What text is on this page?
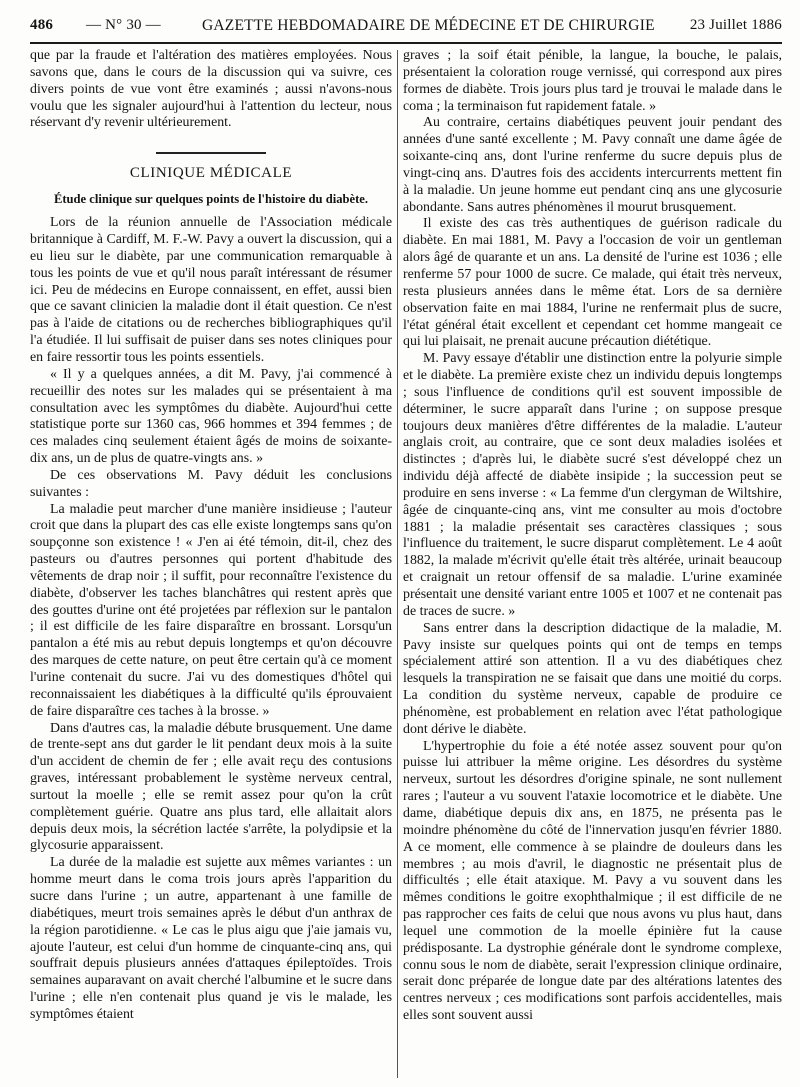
486 — N° 30 —	GAZETTE HEBDOMADAIRE DE MÉDECINE ET DE CHIRURGIE 23 Juillet 1886

que par la fraude et l'altération des matières employées. Nous savons que, dans le cours de la discussion qui va suivre, ces divers points de vue vont être examinés ; aussi n'avons-nous voulu que les signaler aujourd'hui à l'attention du lecteur, nous réservant d'y revenir ultérieurement.

CLINIQUE MÉDICALE
Étude clinique sur quelques points de l'histoire du diabète.

Lors de la réunion annuelle de l'Association médicale britannique à Cardiff, M. F.-W. Pavy a ouvert la discussion, qui a eu lieu sur le diabète, par une communication remarquable à tous les points de vue et qu'il nous paraît intéressant de résumer ici. Peu de médecins en Europe connaissent, en effet, aussi bien que ce savant clinicien la maladie dont il était question. Ce n'est pas à l'aide de citations ou de recherches bibliographiques qu'il l'a étudiée. Il lui suffisait de puiser dans ses notes cliniques pour en faire ressortir tous les points essentiels.

« Il y a quelques années, a dit M. Pavy, j'ai commencé à recueillir des notes sur les malades qui se présentaient à ma consultation avec les symptômes du diabète. Aujourd'hui cette statistique porte sur 1360 cas, 966 hommes et 394 femmes ; de ces malades cinq seulement étaient âgés de moins de soixante-dix ans, un de plus de quatre-vingts ans. »

De ces observations M. Pavy déduit les conclusions suivantes :

La maladie peut marcher d'une manière insidieuse ; l'auteur croit que dans la plupart des cas elle existe longtemps sans qu'on soupçonne son existence ! « J'en ai été témoin, dit-il, chez des pasteurs ou d'autres personnes qui portent d'habitude des vêtements de drap noir ; il suffit, pour reconnaître l'existence du diabète, d'observer les taches blanchâtres qui restent après que des gouttes d'urine ont été projetées par réflexion sur le pantalon ; il est difficile de les faire disparaître en brossant. Lorsqu'un pantalon a été mis au rebut depuis longtemps et qu'on découvre des marques de cette nature, on peut être certain qu'à ce moment l'urine contenait du sucre. J'ai vu des domestiques d'hôtel qui reconnaissaient les diabétiques à la difficulté qu'ils éprouvaient de faire disparaître ces taches à la brosse. »

Dans d'autres cas, la maladie débute brusquement. Une dame de trente-sept ans dut garder le lit pendant deux mois à la suite d'un accident de chemin de fer ; elle avait reçu des contusions graves, intéressant probablement le système nerveux central, surtout la moelle ; elle se remit assez pour qu'on la crût complètement guérie. Quatre ans plus tard, elle allaitait alors depuis deux mois, la sécrétion lactée s'arrête, la polydipsie et la glycosurie apparaissent.

La durée de la maladie est sujette aux mêmes variantes : un homme meurt dans le coma trois jours après l'apparition du sucre dans l'urine ; un autre, appartenant à une famille de diabétiques, meurt trois semaines après le début d'un anthrax de la région parotidienne. « Le cas le plus aigu que j'aie jamais vu, ajoute l'auteur, est celui d'un homme de cinquante-cinq ans, qui souffrait depuis plusieurs années d'attaques épileptoïdes. Trois semaines auparavant on avait cherché l'albumine et le sucre dans l'urine ; elle n'en contenait plus quand je vis le malade, les symptômes étaient

graves ; la soif était pénible, la langue, la bouche, le palais, présentaient la coloration rouge vernissé, qui correspond aux pires formes de diabète. Trois jours plus tard je trouvai le malade dans le coma ; la terminaison fut rapidement fatale. »

Au contraire, certains diabétiques peuvent jouir pendant des années d'une santé excellente ; M. Pavy connaît une dame âgée de soixante-cinq ans, dont l'urine renferme du sucre depuis plus de vingt-cinq ans. D'autres fois des accidents intercurrents mettent fin à la maladie. Un jeune homme eut pendant cinq ans une glycosurie abondante. Sans autres phénomènes il mourut brusquement.

Il existe des cas très authentiques de guérison radicale du diabète. En mai 1881, M. Pavy a l'occasion de voir un gentleman alors âgé de quarante et un ans. La densité de l'urine est 1036 ; elle renferme 57 pour 1000 de sucre. Ce malade, qui était très nerveux, resta plusieurs années dans le même état. Lors de sa dernière observation faite en mai 1884, l'urine ne renfermait plus de sucre, l'état général était excellent et cependant cet homme mangeait ce qui lui plaisait, ne prenait aucune précaution diététique.

M. Pavy essaye d'établir une distinction entre la polyurie simple et le diabète. La première existe chez un individu depuis longtemps ; sous l'influence de conditions qu'il est souvent impossible de déterminer, le sucre apparaît dans l'urine ; on suppose presque toujours deux manières d'être différentes de la maladie. L'auteur anglais croit, au contraire, que ce sont deux maladies isolées et distinctes ; d'après lui, le diabète sucré s'est développé chez un individu déjà affecté de diabète insipide ; la succession peut se produire en sens inverse : « La femme d'un clergyman de Wiltshire, âgée de cinquante-cinq ans, vint me consulter au mois d'octobre 1881 ; la maladie présentait ses caractères classiques ; sous l'influence du traitement, le sucre disparut complètement. Le 4 août 1882, la malade m'écrivit qu'elle était très altérée, urinait beaucoup et craignait un retour offensif de sa maladie. L'urine examinée présentait une densité variant entre 1005 et 1007 et ne contenait pas de traces de sucre. »

Sans entrer dans la description didactique de la maladie, M. Pavy insiste sur quelques points qui ont de temps en temps spécialement attiré son attention. Il a vu des diabétiques chez lesquels la transpiration ne se faisait que dans une moitié du corps. La condition du système nerveux, capable de produire ce phénomène, est probablement en relation avec l'état pathologique dont dérive le diabète.

L'hypertrophie du foie a été notée assez souvent pour qu'on puisse lui attribuer la même origine. Les désordres du système nerveux, surtout les désordres d'origine spinale, ne sont nullement rares ; l'auteur a vu souvent l'ataxie locomotrice et le diabète. Une dame, diabétique depuis dix ans, en 1875, ne présenta pas le moindre phénomène du côté de l'innervation jusqu'en février 1880. A ce moment, elle commence à se plaindre de douleurs dans les membres ; au mois d'avril, le diagnostic ne présentait plus de difficultés ; elle était ataxique. M. Pavy a vu souvent dans les mêmes conditions le goitre exophthalmique ; il est difficile de ne pas rapprocher ces faits de celui que nous avons vu plus haut, dans lequel une commotion de la moelle épinière fut la cause prédisposante. La dystrophie générale dont le syndrome complexe, connu sous le nom de diabète, serait l'expression clinique ordinaire, serait donc préparée de longue date par des altérations latentes des centres nerveux ; ces modifications sont parfois accidentelles, mais elles sont souvent aussi
